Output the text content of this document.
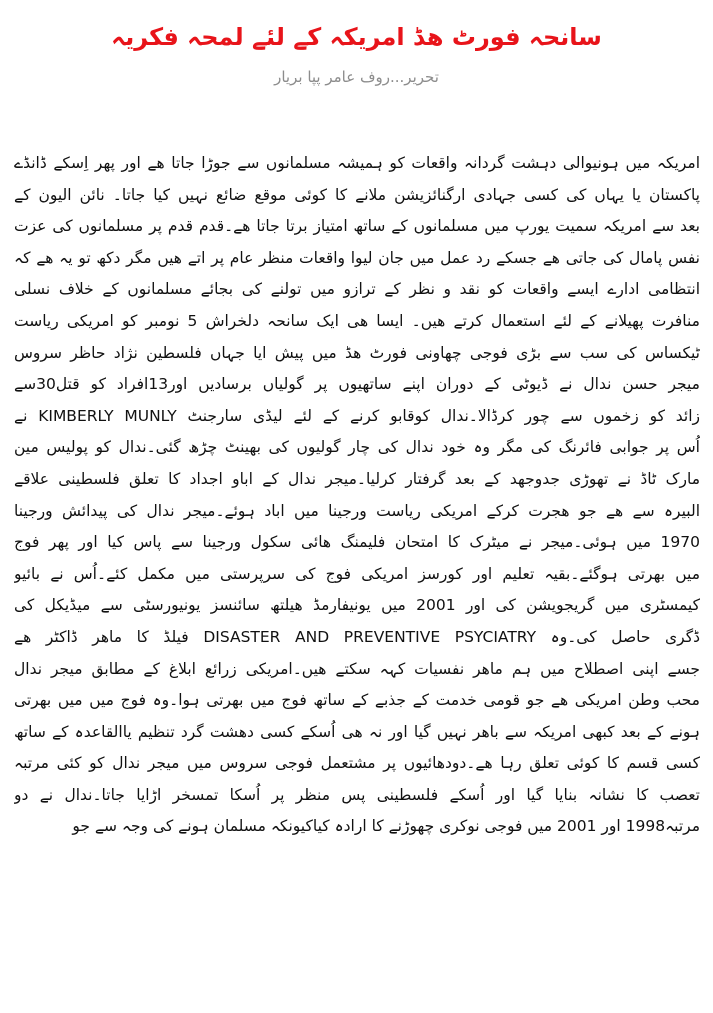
سانحہ فورٹ ھڈ امریکہ کے لئے لمحہ فکریہ
تحریر...روف عامر پپا بریار
امریکہ میں ہونیوالی دہشت گردانہ واقعات کو ہمیشہ مسلمانوں سے جوڑا جاتا ھے اور پھر اِسکے ڈانڈے
پاکستان یا یہاں کی کسی جہادی ارگنائزیشن ملانے کا کوئی موقع ضائع نہیں کیا جاتا۔ نائن الیون کے
بعد سے امریکہ سمیت یورپ میں مسلمانوں کے ساتھ امتیاز برتا جاتا ھے۔قدم قدم پر مسلمانوں کی عزت
نفس پامال کی جاتی ھے جسکے رد عمل میں جان لیوا واقعات منظر عام پر اتے ھیں مگر دکھ تو یہ ھے کہ
انتظامی ادارے ایسے واقعات کو نقد و نظر کے ترازو میں تولنے کی بجائے مسلمانوں کے خلاف نسلی
منافرت پھیلانے کے لئے استعمال کرتے ھیں۔ ایسا ھی ایک سانحہ دلخراش 5 نومبر کو امریکی ریاست
ٹیکساس کی سب سے بڑی فوجی چھاونی فورٹ ھڈ میں پیش ایا جہاں فلسطین نژاد حاظر سروس
میجر حسن ندال نے ڈیوٹی کے دوران اپنے ساتھیوں پر گولیاں برسادیں اور13افراد کو قتل30سے
زائد کو زخموں سے چور کرڈالا۔ندال کوقابو کرنے کے لئے لیڈی سارجنٹ KIMBERLY MUNLY نے
اُس پر جوابی فائرنگ کی مگر وہ خود ندال کی چار گولیوں کی بھینٹ چڑھ گئی۔ندال کو پولیس مین
مارک ٹاڈ نے تھوڑی جدوجھد کے بعد گرفتار کرلیا۔میجر ندال کے اباو اجداد کا تعلق فلسطینی علاقے
البیرہ سے ھے جو ھجرت کرکے امریکی ریاست ورجینا میں اباد ہوئے۔میجر ندال کی پیدائش ورجینا
1970 میں ہوئی۔میجر نے میٹرک کا امتحان فلیمنگ ھائی سکول ورجینا سے پاس کیا اور پھر فوج
میں بھرتی ہوگئے۔بقیہ تعلیم اور کورسز امریکی فوج کی سرپرستی میں مکمل کئے۔اُس نے بائیو
کیمسٹری میں گریجویشن کی اور 2001 میں یونیفارمڈ ھیلتھ سائنسز یونیورسٹی سے میڈیکل کی
ڈگری حاصل کی۔وہ DISASTER AND PREVENTIVE PSYCIATRY فیلڈ کا ماھر ڈاکٹر ھے
جسے اپنی اصطلاح میں ہم ماھر نفسیات کہہ سکتے ھیں۔امریکی زرائع ابلاغ کے مطابق میجر ندال
محب وطن امریکی ھے جو قومی خدمت کے جذبے کے ساتھ فوج میں بھرتی ہوا۔وہ فوج میں میں بھرتی
ہونے کے بعد کبھی امریکہ سے باھر نہیں گیا اور نہ ھی اُسکے کسی دھشت گرد تنظیم یاالقاعدہ کے ساتھ
کسی قسم کا کوئی تعلق رہا ھے۔دودھائیوں پر مشتعمل فوجی سروس میں میجر ندال کو کئی مرتبہ
تعصب کا نشانہ بنایا گیا اور اُسکے فلسطینی پس منظر پر اُسکا تمسخر اڑایا جاتا۔ندال نے دو
مرتبہ1998 اور 2001 میں فوجی نوکری چھوڑنے کا ارادہ کیاکیونکہ مسلمان ہونے کی وجہ سے جو
